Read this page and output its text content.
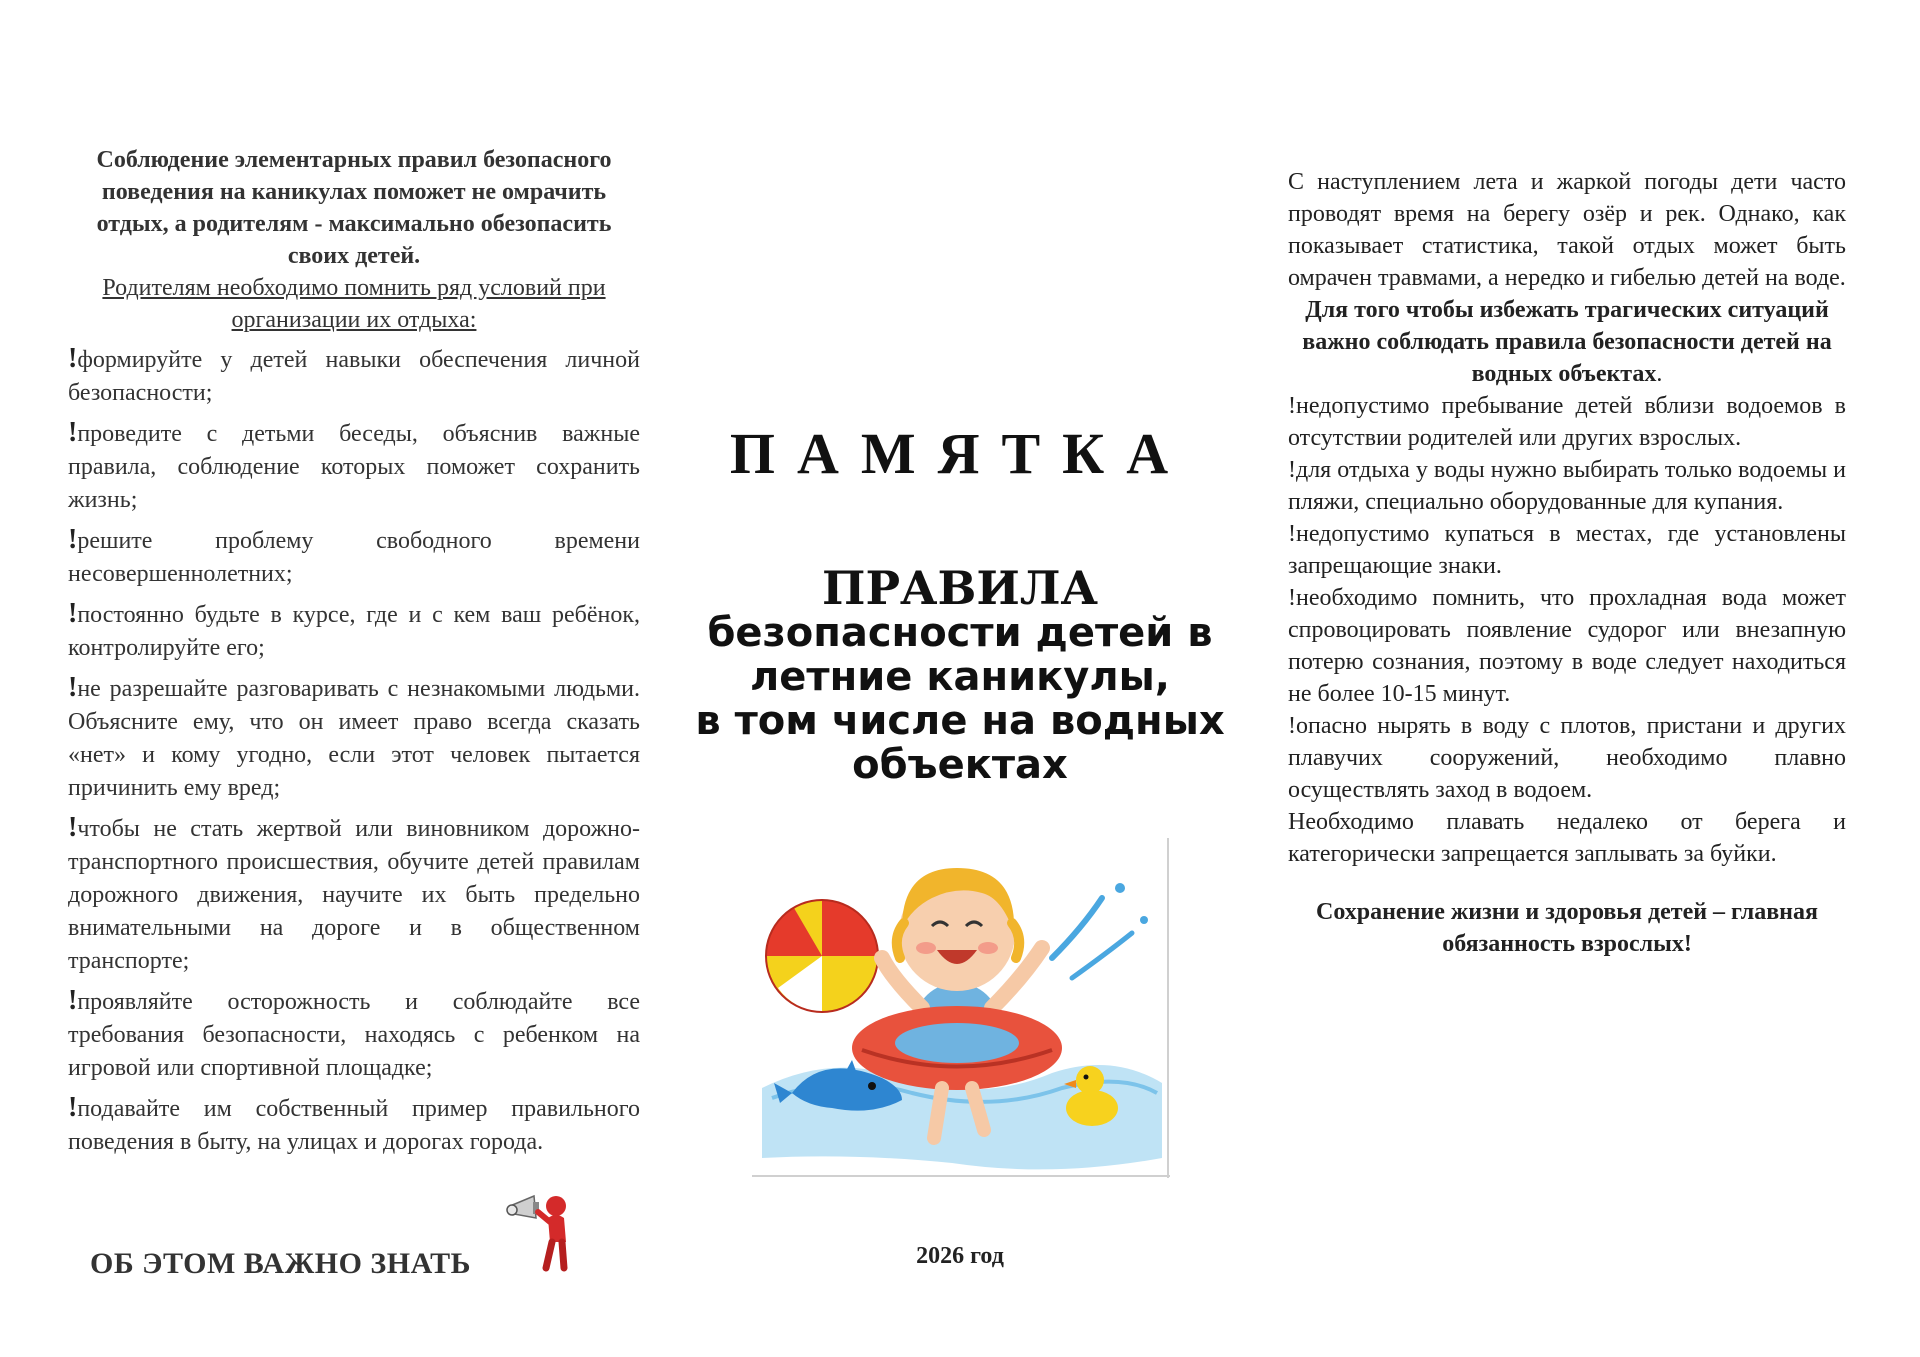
Соблюдение элементарных правил безопасного поведения на каникулах поможет не омрачить отдых, а родителям - максимально обезопасить своих детей.
Родителям необходимо помнить ряд условий при организации их отдыха:
!формируйте у детей навыки обеспечения личной безопасности;
!проведите с детьми беседы, объяснив важные правила, соблюдение которых поможет сохранить жизнь;
!решите проблему свободного времени несовершеннолетних;
!постоянно будьте в курсе, где и с кем ваш ребёнок, контролируйте его;
!не разрешайте разговаривать с незнакомыми людьми. Объясните ему, что он имеет право всегда сказать «нет» и кому угодно, если этот человек пытается причинить ему вред;
!чтобы не стать жертвой или виновником дорожно-транспортного происшествия, обучите детей правилам дорожного движения, научите их быть предельно внимательными на дороге и в общественном транспорте;
!проявляйте осторожность и соблюдайте все требования безопасности, находясь с ребенком на игровой или спортивной площадке;
!подавайте им собственный пример правильного поведения в быту, на улицах и дорогах города.
ОБ ЭТОМ ВАЖНО ЗНАТЬ
ПАМЯТКА
ПРАВИЛА
безопасности детей в
летние каникулы,
в том числе на водных
объектах
2026 год
С наступлением лета и жаркой погоды дети часто проводят время на берегу озёр и рек. Однако, как показывает статистика, такой отдых может быть омрачен травмами, а нередко и гибелью детей на воде.
Для того чтобы избежать трагических ситуаций важно соблюдать правила безопасности детей на водных объектах.
!недопустимо пребывание детей вблизи водоемов в отсутствии родителей или других взрослых.
!для отдыха у воды нужно выбирать только водоемы и пляжи, специально оборудованные для купания.
!недопустимо купаться в местах, где установлены запрещающие знаки.
!необходимо помнить, что прохладная вода может спровоцировать появление судорог или внезапную потерю сознания, поэтому в воде следует находиться не более 10-15 минут.
!опасно нырять в воду с плотов, пристани и других плавучих сооружений, необходимо плавно осуществлять заход в водоем.
Необходимо плавать недалеко от берега и категорически запрещается заплывать за буйки.
Сохранение жизни и здоровья детей – главная обязанность взрослых!
